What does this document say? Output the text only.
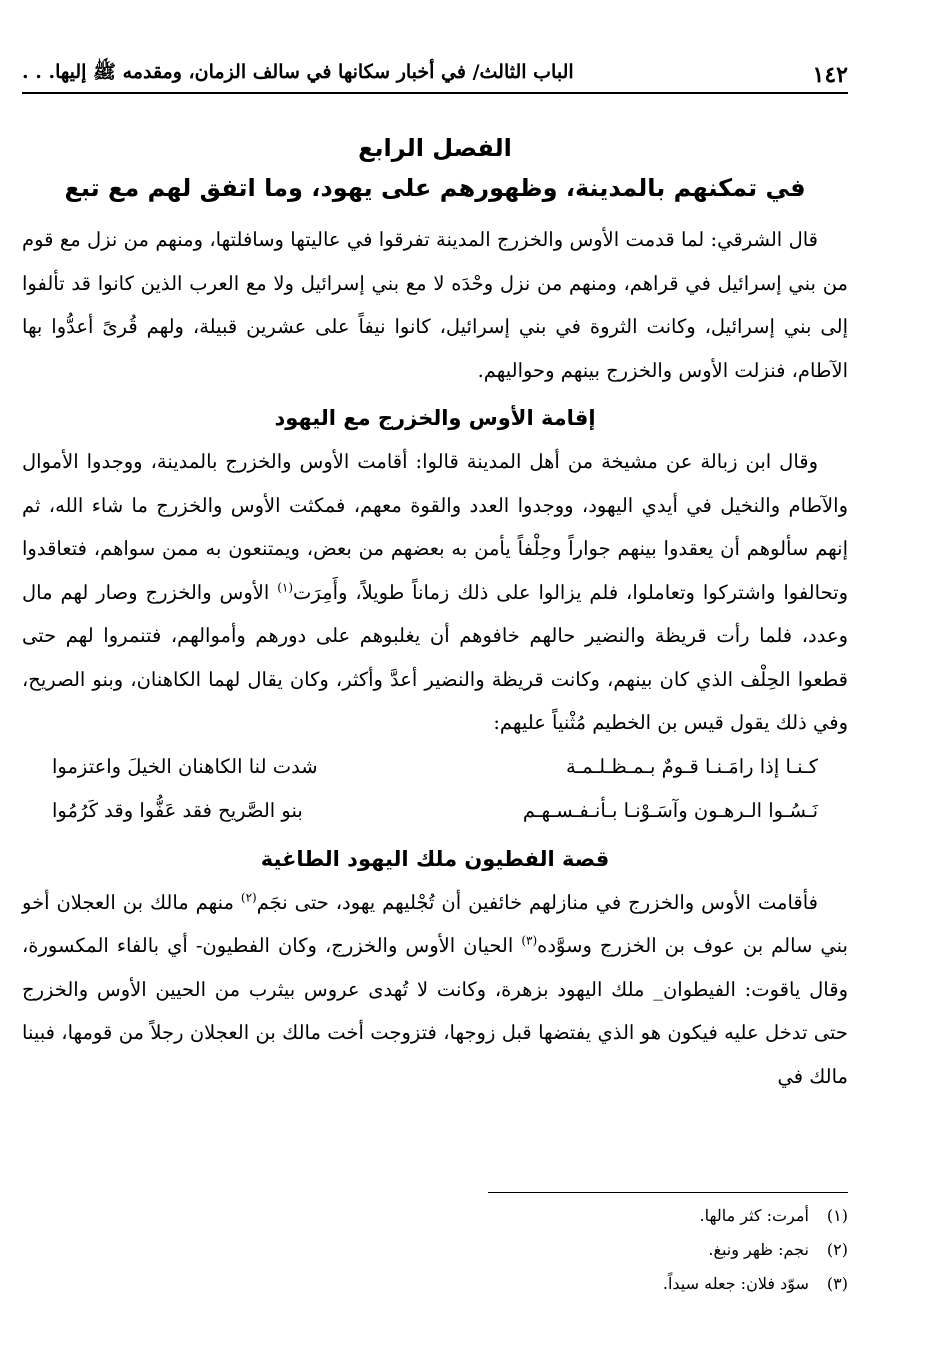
١٤٢
الباب الثالث/ في أخبار سكانها في سالف الزمان، ومقدمه ﷺ إليها. . .
الفصل الرابع
في تمكنهم بالمدينة، وظهورهم على يهود، وما اتفق لهم مع تبع

قال الشرقي: لما قدمت الأوس والخزرج المدينة تفرقوا في عاليتها وسافلتها، ومنهم من نزل مع قوم من بني إسرائيل في قراهم، ومنهم من نزل وحْدَه لا مع بني إسرائيل ولا مع العرب الذين كانوا قد تألفوا إلى بني إسرائيل، وكانت الثروة في بني إسرائيل، كانوا نيفاً على عشرين قبيلة، ولهم قُرىً أعدُّوا بها الآطام، فنزلت الأوس والخزرج بينهم وحواليهم.

إقامة الأوس والخزرج مع اليهود

وقال ابن زبالة عن مشيخة من أهل المدينة قالوا: أقامت الأوس والخزرج بالمدينة، ووجدوا الأموال والآطام والنخيل في أيدي اليهود، ووجدوا العدد والقوة معهم، فمكثت الأوس والخزرج ما شاء الله، ثم إنهم سألوهم أن يعقدوا بينهم جواراً وحِلْفاً يأمن به بعضهم من بعض، ويمتنعون به ممن سواهم، فتعاقدوا وتحالفوا واشتركوا وتعاملوا، فلم يزالوا على ذلك زماناً طويلاً، وأَمِرَت$^{(١)}$ الأوس والخزرج وصار لهم مال وعدد، فلما رأت قريظة والنضير حالهم خافوهم أن يغلبوهم على دورهم وأموالهم، فتنمروا لهم حتى قطعوا الحِلْف الذي كان بينهم، وكانت قريظة والنضير أعدَّ وأكثر، وكان يقال لهما الكاهنان، وبنو الصريح، وفي ذلك يقول قيس بن الخطيم مُثْنياً عليهم:

كـنـا إذا رامَـنـا قـومٌ بـمـظـلـمـة
شدت لنا الكاهنان الخيلَ واعتزموا
نَـسُـوا الـرهـون وآسَـوْنـا بـأنـفـسـهـم
بنو الصَّريح فقد عَفُّوا وقد كَرُمُوا
قصة الفطيون ملك اليهود الطاغية

فأقامت الأوس والخزرج في منازلهم خائفين أن تُجْليهم يهود، حتى نجَم$^{(٢)}$ منهم مالك بن العجلان أخو بني سالم بن عوف بن الخزرج وسوَّده$^{(٣)}$ الحيان الأوس والخزرج، وكان الفطيون- أي بالفاء المكسورة، وقال ياقوت: الفيطوان_ ملك اليهود بزهرة، وكانت لا تُهدى عروس بيثرب من الحيين الأوس والخزرج حتى تدخل عليه فيكون هو الذي يفتضها قبل زوجها، فتزوجت أخت مالك بن العجلان رجلاً من قومها، فبينا مالك في

(١)
أمرت: كثر مالها.
(٢)
نجم: ظهر ونبغ.
(٣)
سوّد فلان: جعله سيداً.
